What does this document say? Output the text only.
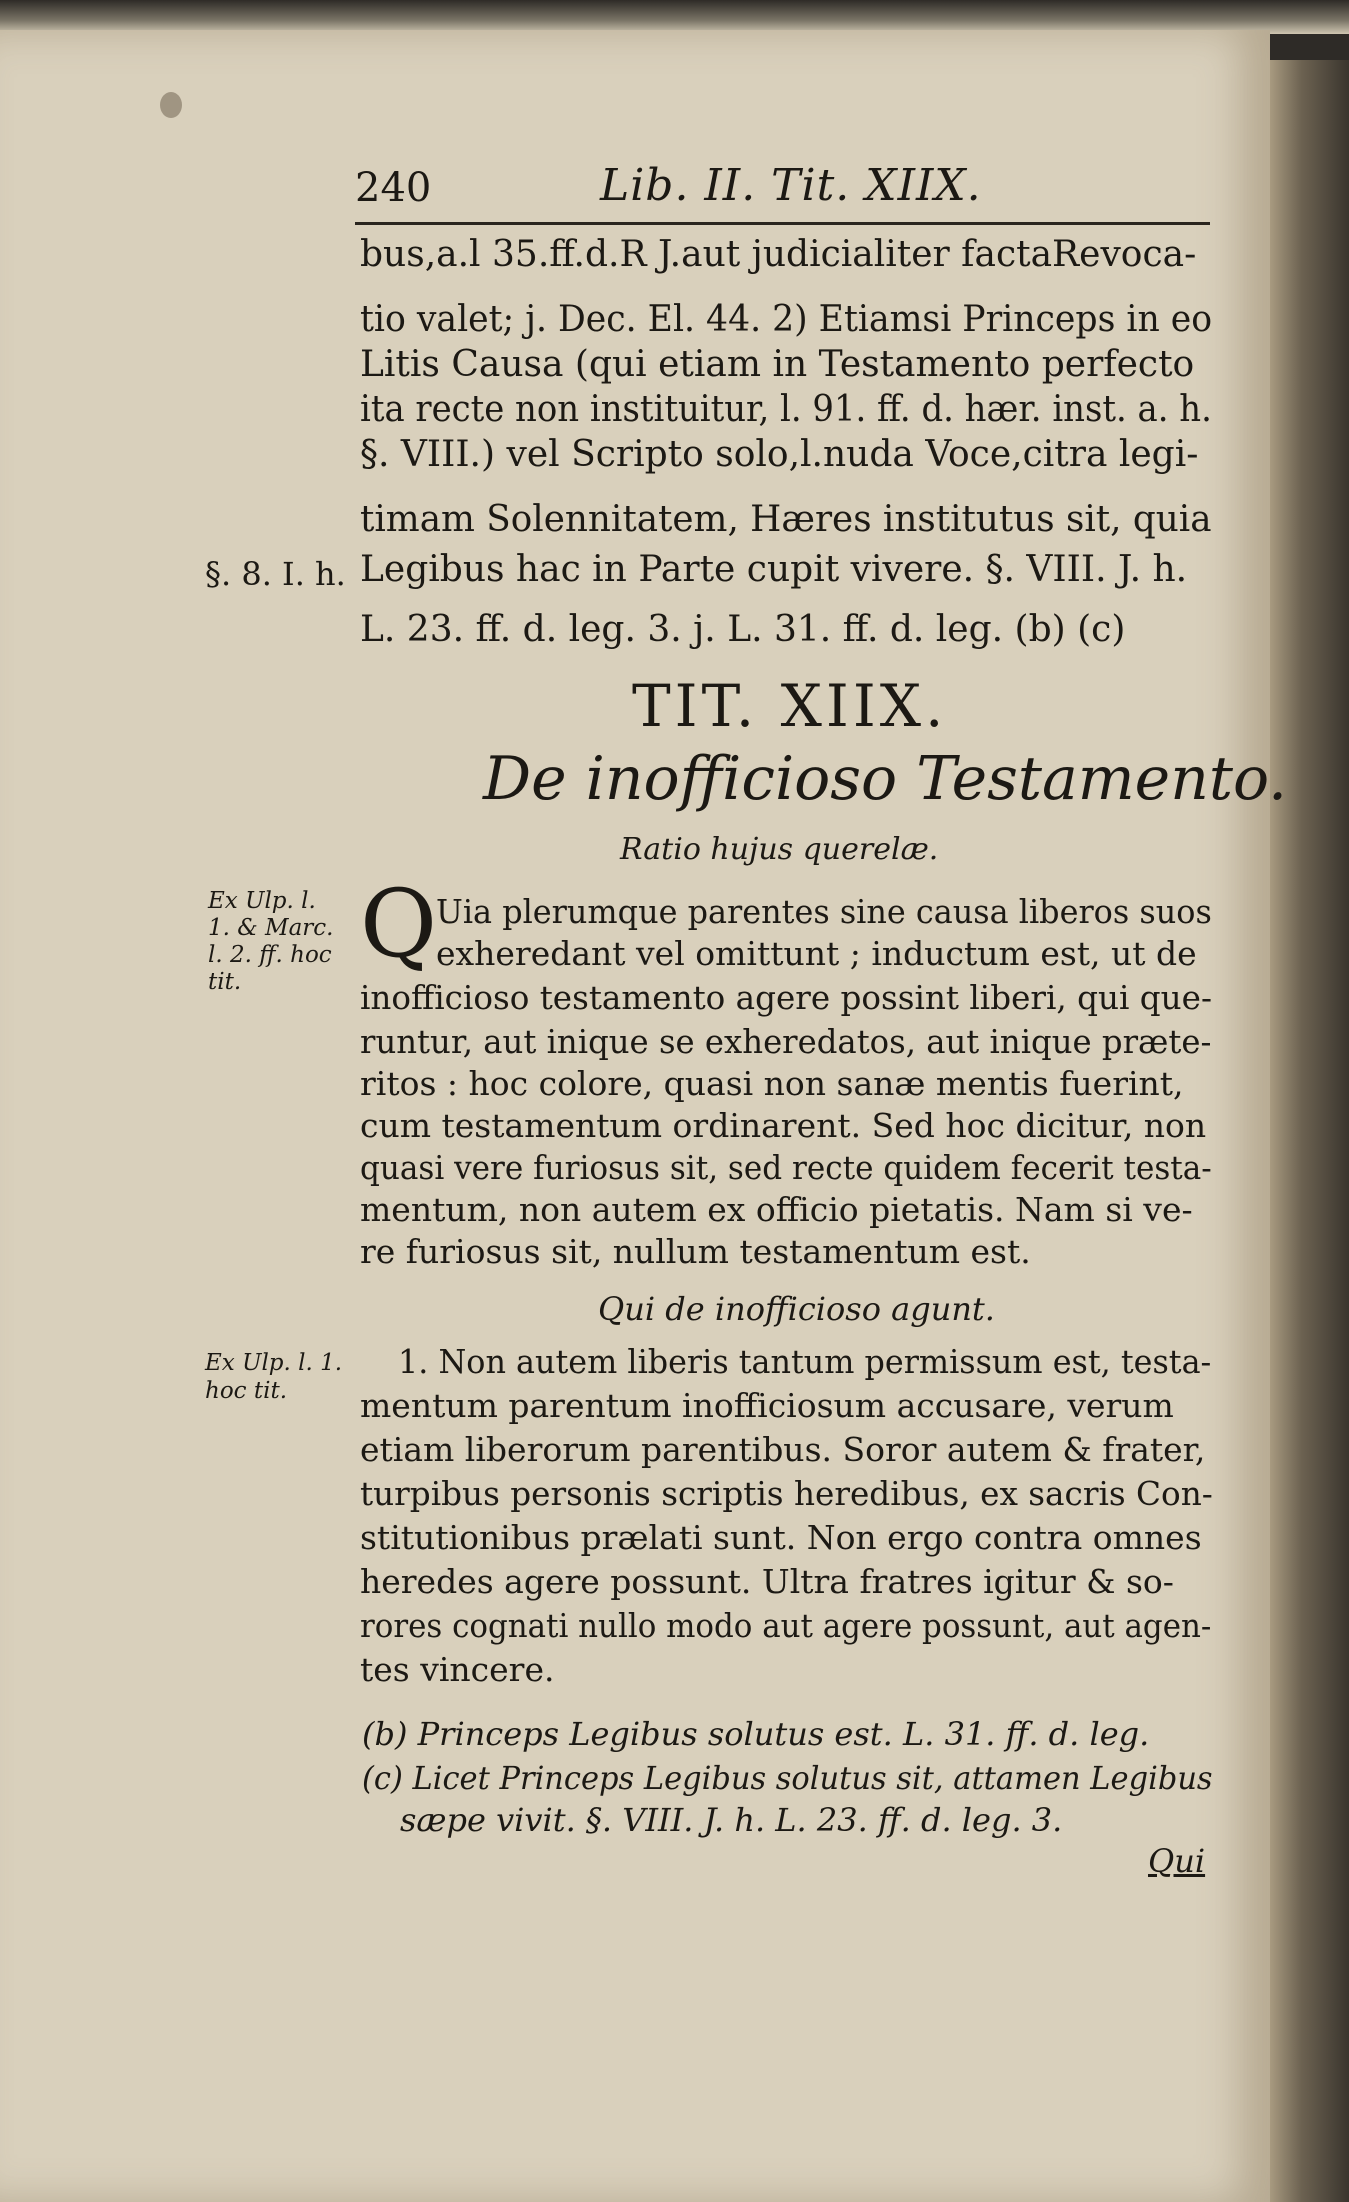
240	Lib. II. Tit. XIIX.
bus,a.l 35.ff.d.R J.aut judicialiter factaRevoca-
tio valet; j. Dec. El. 44. 2) Etiamsi Princeps in eo
Litis Causa (qui etiam in Testamento perfecto
ita recte non instituitur, l. 91. ff. d. hær. inst. a. h.
§. VIII.) vel Scripto solo,l.nuda Voce,citra legi-
timam Solennitatem, Hæres institutus sit, quia
Legibus hac in Parte cupit vivere. §. VIII. J. h.
L. 23. ff. d. leg. 3. j. L. 31. ff. d. leg. (b) (c)
§. 8. I. h.
TIT. XIIX.
De inofficioso Testamento.
Ratio hujus querelæ.
Ex Ulp. l.
1. & Marc.
l. 2. ff. hoc
tit.
Q
Uia plerumque parentes sine causa liberos suos
exheredant vel omittunt ; inductum est, ut de
inofficioso testamento agere possint liberi, qui que-
runtur, aut inique se exheredatos, aut inique præte-
ritos : hoc colore, quasi non sanæ mentis fuerint,
cum testamentum ordinarent. Sed hoc dicitur, non
quasi vere furiosus sit, sed recte quidem fecerit testa-
mentum, non autem ex officio pietatis. Nam si ve-
re furiosus sit, nullum testamentum est.
Qui de inofficioso agunt.
Ex Ulp. l. 1.
hoc tit.
1. Non autem liberis tantum permissum est, testa-
mentum parentum inofficiosum accusare, verum
etiam liberorum parentibus. Soror autem & frater,
turpibus personis scriptis heredibus, ex sacris Con-
stitutionibus prælati sunt. Non ergo contra omnes
heredes agere possunt. Ultra fratres igitur & so-
rores cognati nullo modo aut agere possunt, aut agen-
tes vincere.
(b) Princeps Legibus solutus est. L. 31. ff. d. leg.
(c) Licet Princeps Legibus solutus sit, attamen Legibus
sæpe vivit. §. VIII. J. h. L. 23. ff. d. leg. 3.
Qui
